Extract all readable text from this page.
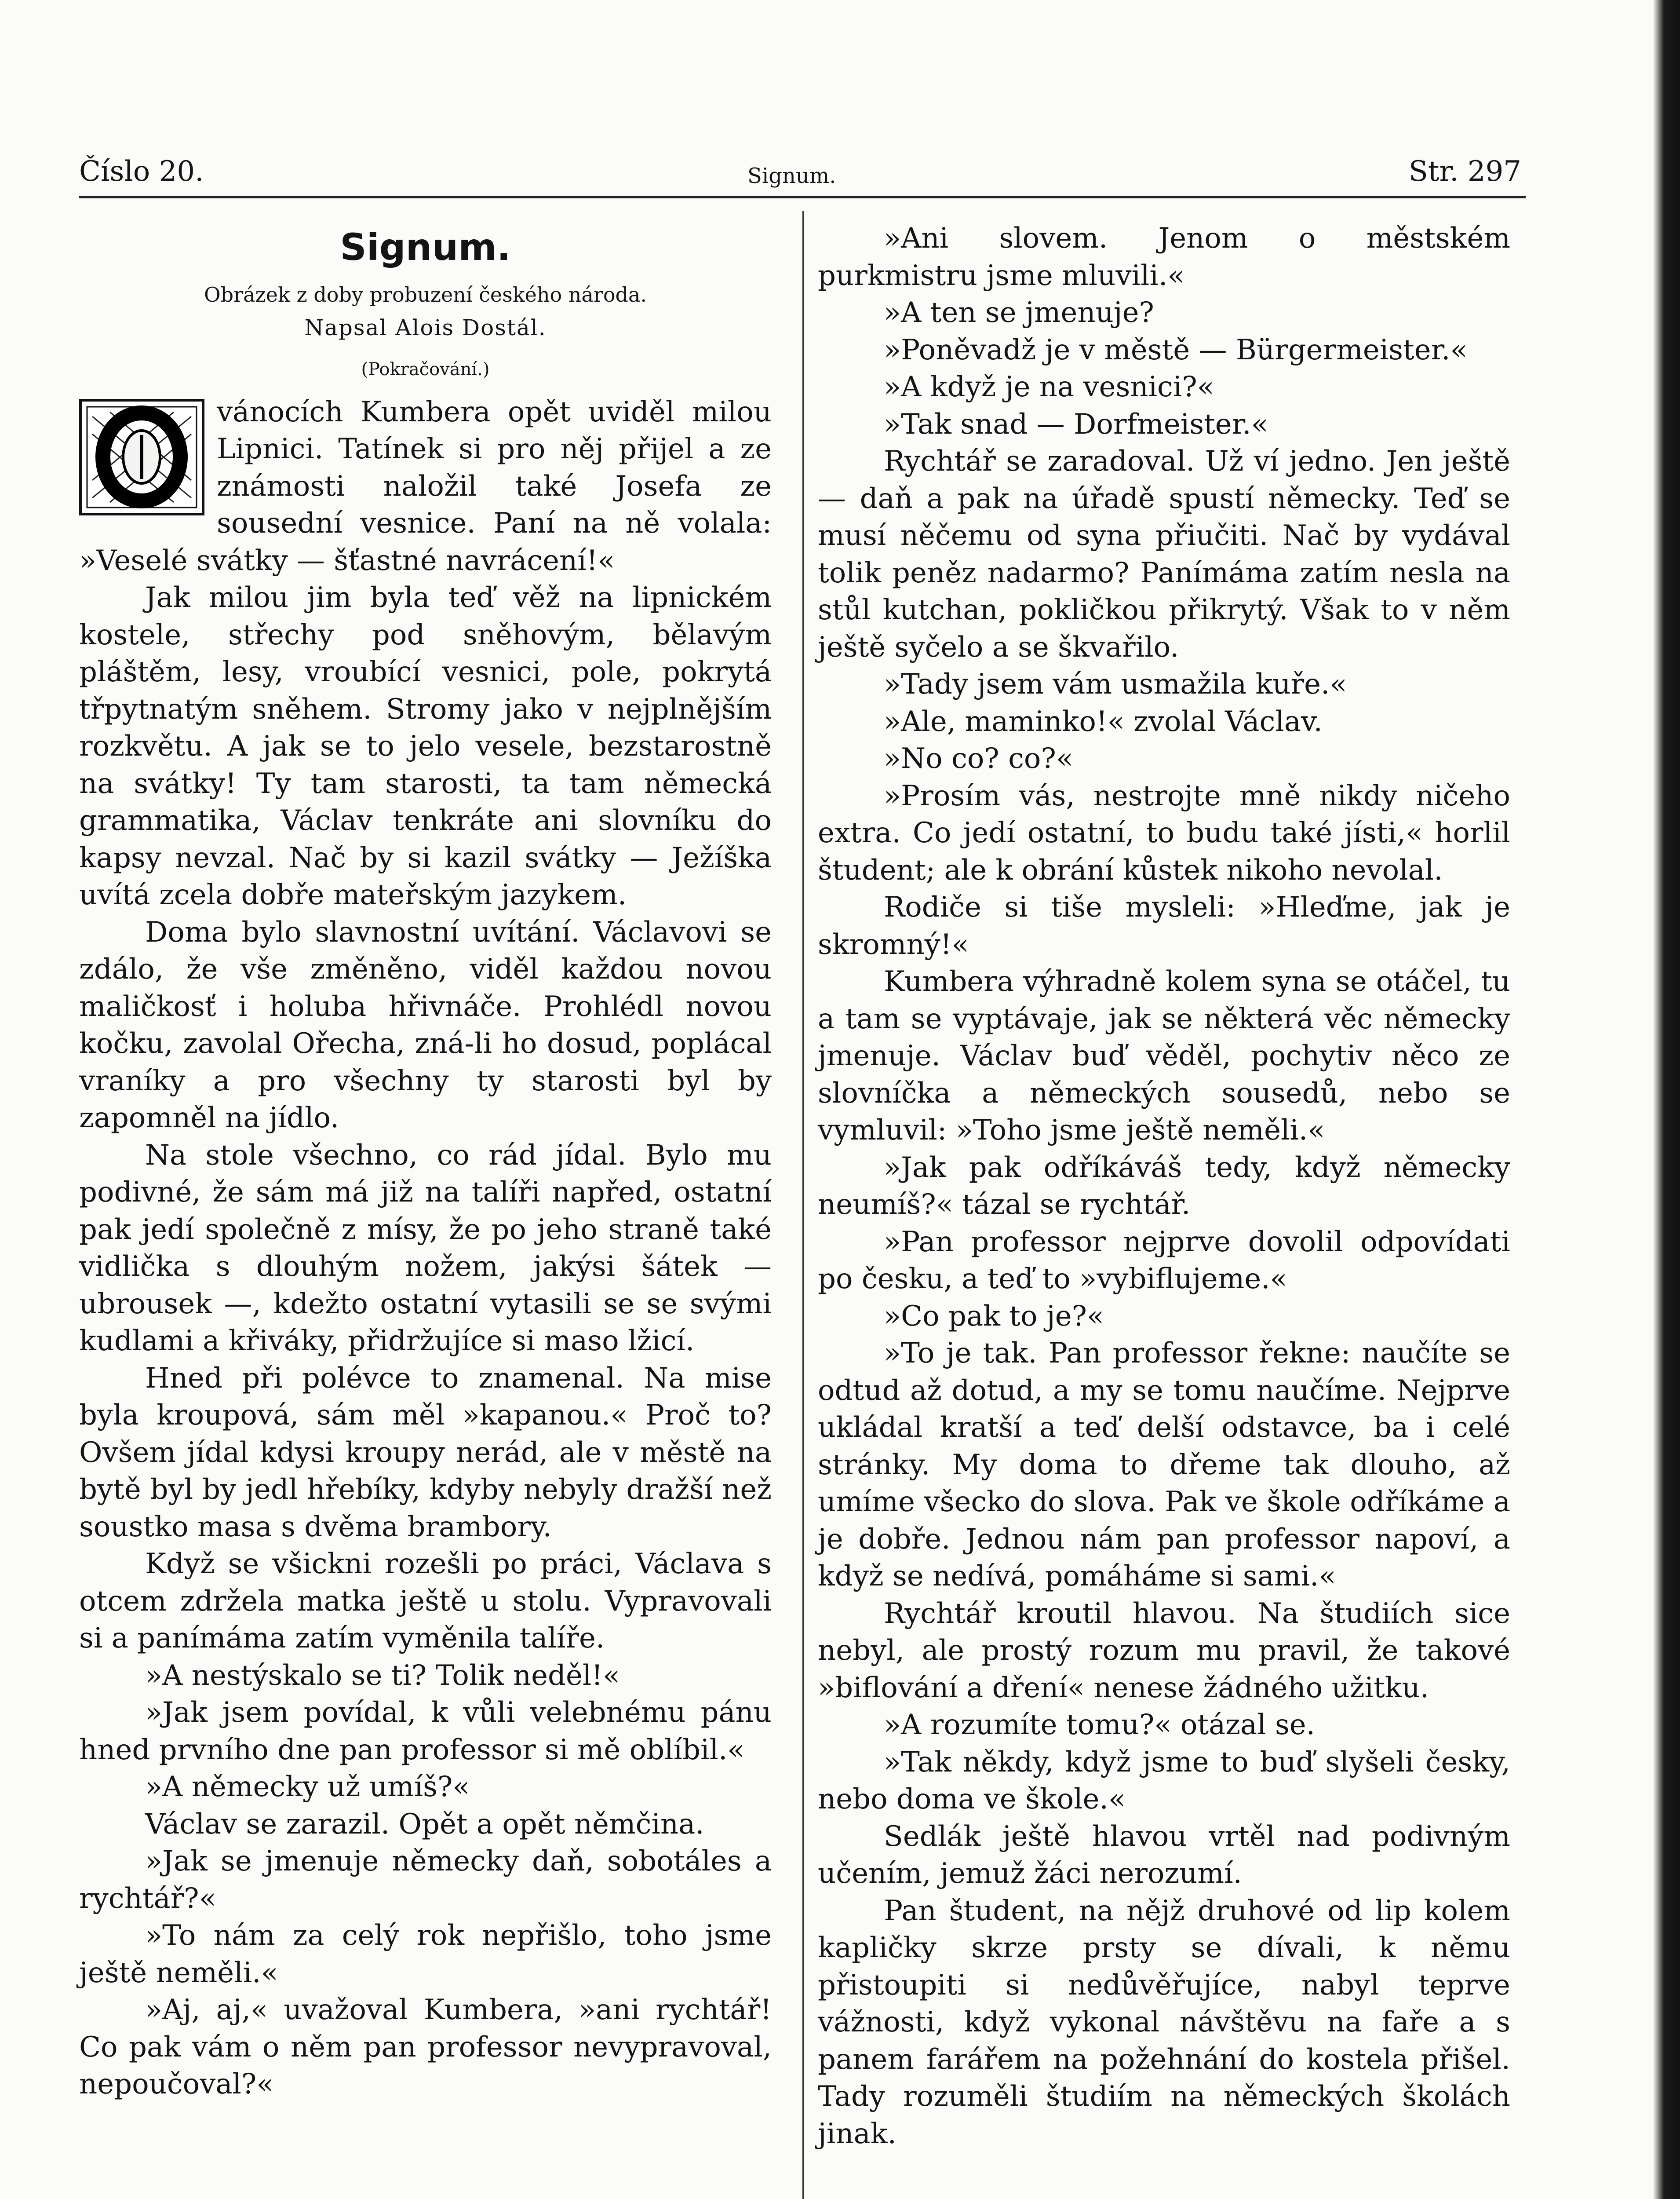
Číslo 20.	Signum.	Str. 297
Signum.

Obrázek z doby probuzení českého národa.

Napsal Alois Dostál.

(Pokračování.)

vánocích Kumbera opět uviděl milou Lipnici. Tatínek si pro něj přijel a ze známosti naložil také Josefa ze sousední vesnice. Paní na ně volala: »Veselé svátky — šťastné navrácení!«

Jak milou jim byla teď věž na lipnickém kostele, střechy pod sněhovým, bělavým pláštěm, lesy, vroubící vesnici, pole, pokrytá třpytnatým sněhem. Stromy jako v nejplnějším rozkvětu. A jak se to jelo vesele, bezstarostně na svátky! Ty tam starosti, ta tam německá grammatika, Václav tenkráte ani slovníku do kapsy nevzal. Nač by si kazil svátky — Ježíška uvítá zcela dobře mateřským jazykem.

Doma bylo slavnostní uvítání. Václavovi se zdálo, že vše změněno, viděl každou novou maličkosť i holuba hřivnáče. Prohlédl novou kočku, zavolal Ořecha, zná-li ho dosud, poplácal vraníky a pro všechny ty starosti byl by zapomněl na jídlo.

Na stole všechno, co rád jídal. Bylo mu podivné, že sám má již na talíři napřed, ostatní pak jedí společně z mísy, že po jeho straně také vidlička s dlouhým nožem, jakýsi šátek — ubrousek —, kdežto ostatní vytasili se se svými kudlami a křiváky, přidržujíce si maso lžicí.

Hned při polévce to znamenal. Na mise byla kroupová, sám měl »kapanou.« Proč to? Ovšem jídal kdysi kroupy nerád, ale v městě na bytě byl by jedl hřebíky, kdyby nebyly dražší než soustko masa s dvěma brambory.

Když se všickni rozešli po práci, Václava s otcem zdržela matka ještě u stolu. Vypravovali si a panímáma zatím vyměnila talíře.

»A nestýskalo se ti? Tolik neděl!«

»Jak jsem povídal, k vůli velebnému pánu hned prvního dne pan professor si mě oblíbil.«

»A německy už umíš?«

Václav se zarazil. Opět a opět němčina.

»Jak se jmenuje německy daň, sobotáles a rychtář?«

»To nám za celý rok nepřišlo, toho jsme ještě neměli.«

»Aj, aj,« uvažoval Kumbera, »ani rychtář! Co pak vám o něm pan professor nevypravoval, nepoučoval?«

»Ani slovem. Jenom o městském purkmistru jsme mluvili.«

»A ten se jmenuje?

»Poněvadž je v městě — Bürgermeister.«

»A když je na vesnici?«

»Tak snad — Dorfmeister.«

Rychtář se zaradoval. Už ví jedno. Jen ještě — daň a pak na úřadě spustí německy. Teď se musí něčemu od syna přiučiti. Nač by vydával tolik peněz nadarmo? Panímáma zatím nesla na stůl kutchan, pokličkou přikrytý. Však to v něm ještě syčelo a se škvařilo.

»Tady jsem vám usmažila kuře.«

»Ale, maminko!« zvolal Václav.

»No co? co?«

»Prosím vás, nestrojte mně nikdy ničeho extra. Co jedí ostatní, to budu také jísti,« horlil študent; ale k obrání kůstek nikoho nevolal.

Rodiče si tiše mysleli: »Hleďme, jak je skromný!«

Kumbera výhradně kolem syna se otáčel, tu a tam se vyptávaje, jak se některá věc německy jmenuje. Václav buď věděl, pochytiv něco ze slovníčka a německých sousedů, nebo se vymluvil: »Toho jsme ještě neměli.«

»Jak pak odříkáváš tedy, když německy neumíš?« tázal se rychtář.

»Pan professor nejprve dovolil odpovídati po česku, a teď to »vybiflujeme.«

»Co pak to je?«

»To je tak. Pan professor řekne: naučíte se odtud až dotud, a my se tomu naučíme. Nejprve ukládal kratší a teď delší odstavce, ba i celé stránky. My doma to dřeme tak dlouho, až umíme všecko do slova. Pak ve škole odříkáme a je dobře. Jednou nám pan professor napoví, a když se nedívá, pomáháme si sami.«

Rychtář kroutil hlavou. Na študiích sice nebyl, ale prostý rozum mu pravil, že takové »biflování a dření« nenese žádného užitku.

»A rozumíte tomu?« otázal se.

»Tak někdy, když jsme to buď slyšeli česky, nebo doma ve škole.«

Sedlák ještě hlavou vrtěl nad podivným učením, jemuž žáci nerozumí.

Pan študent, na nějž druhové od lip kolem kapličky skrze prsty se dívali, k němu přistoupiti si nedůvěřujíce, nabyl teprve vážnosti, když vykonal návštěvu na faře a s panem farářem na požehnání do kostela přišel. Tady rozuměli študiím na německých školách jinak.
